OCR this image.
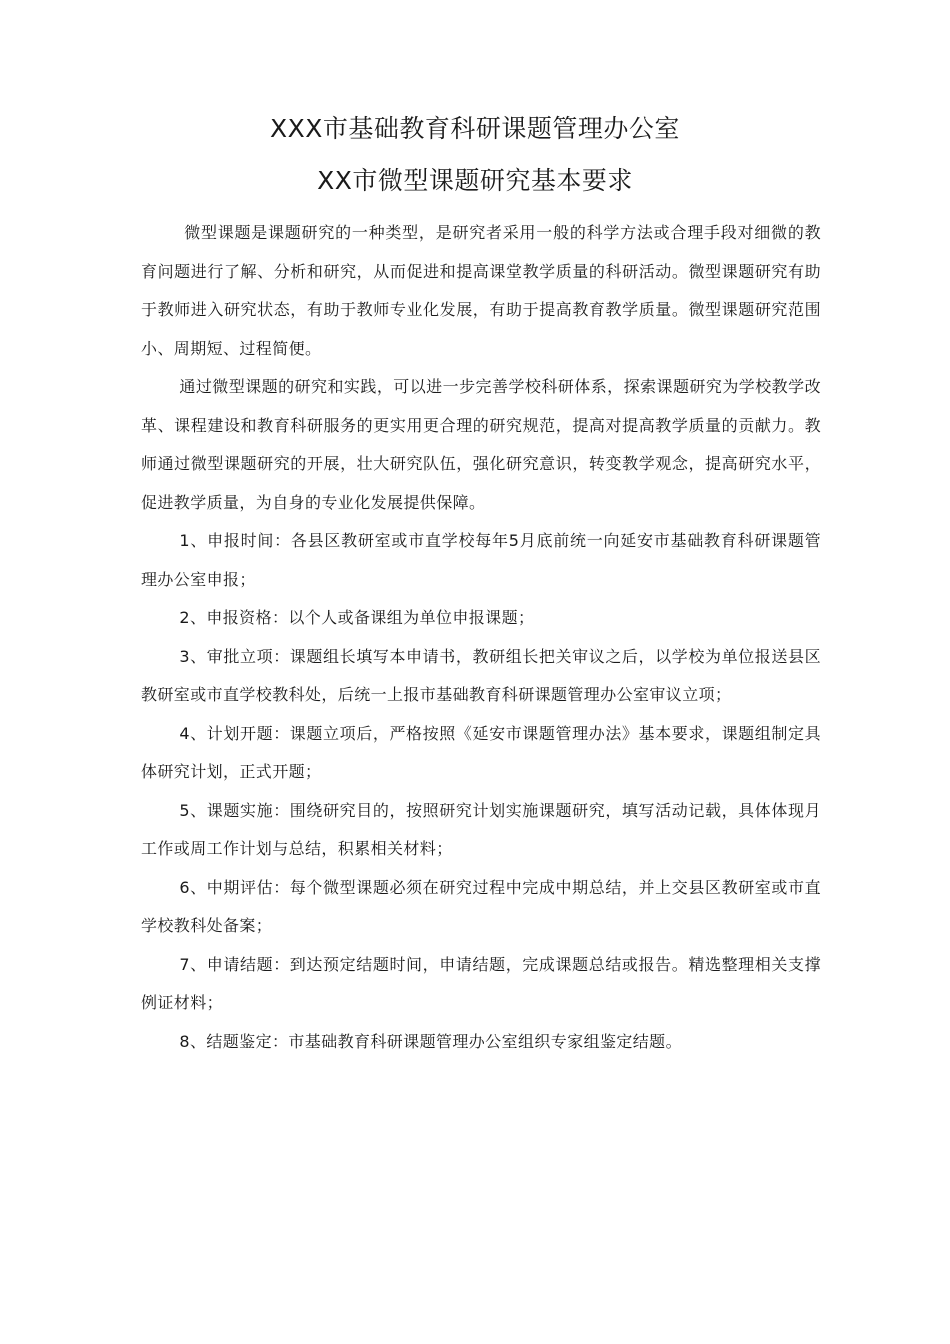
XXX市基础教育科研课题管理办公室
XX市微型课题研究基本要求

微型课题是课题研究的一种类型，是研究者采用一般的科学方法或合理手段对细微的教育问题进行了解、分析和研究，从而促进和提高课堂教学质量的科研活动。微型课题研究有助于教师进入研究状态，有助于教师专业化发展，有助于提高教育教学质量。微型课题研究范围小、周期短、过程简便。

通过微型课题的研究和实践，可以进一步完善学校科研体系，探索课题研究为学校教学改革、课程建设和教育科研服务的更实用更合理的研究规范，提高对提高教学质量的贡献力。教师通过微型课题研究的开展，壮大研究队伍，强化研究意识，转变教学观念，提高研究水平，促进教学质量，为自身的专业化发展提供保障。

1、申报时间：各县区教研室或市直学校每年5月底前统一向延安市基础教育科研课题管理办公室申报；

2、申报资格：以个人或备课组为单位申报课题；

3、审批立项：课题组长填写本申请书，教研组长把关审议之后，以学校为单位报送县区教研室或市直学校教科处，后统一上报市基础教育科研课题管理办公室审议立项；

4、计划开题：课题立项后，严格按照《延安市课题管理办法》基本要求，课题组制定具体研究计划，正式开题；

5、课题实施：围绕研究目的，按照研究计划实施课题研究，填写活动记载，具体体现月工作或周工作计划与总结，积累相关材料；

6、中期评估：每个微型课题必须在研究过程中完成中期总结，并上交县区教研室或市直学校教科处备案；

7、申请结题：到达预定结题时间，申请结题，完成课题总结或报告。精选整理相关支撑例证材料；

8、结题鉴定：市基础教育科研课题管理办公室组织专家组鉴定结题。
